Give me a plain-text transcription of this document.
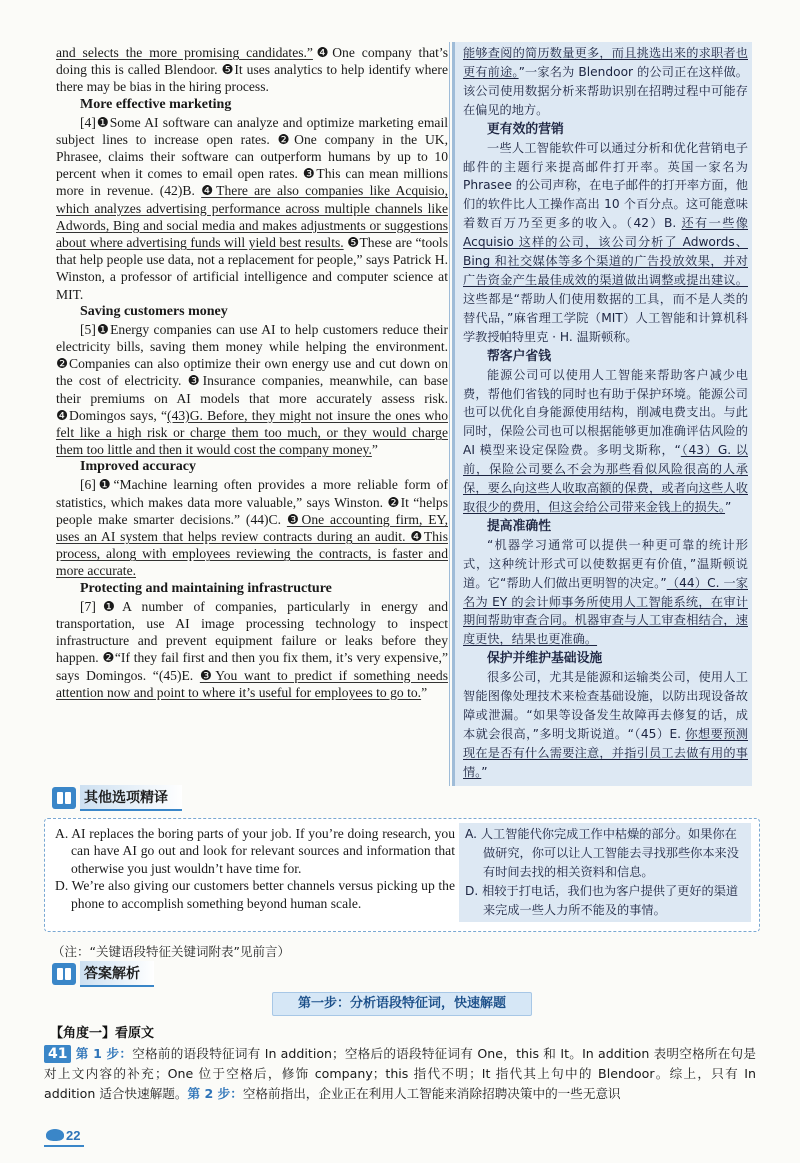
and selects the more promising candidates.”❹One company that’s doing this is called Blendoor. ❺It uses analytics to help identify where there may be bias in the hiring process.

More effective marketing

[4]❶Some AI software can analyze and optimize marketing email subject lines to increase open rates. ❷One company in the UK, Phrasee, claims their software can outperform humans by up to 10 percent when it comes to email open rates. ❸This can mean millions more in revenue. (42)B. ❹There are also companies like Acquisio, which analyzes advertising performance across multiple channels like Adwords, Bing and social media and makes adjustments or suggestions about where advertising funds will yield best results. ❺These are “tools that help people use data, not a replacement for people,” says Patrick H. Winston, a professor of artificial intelligence and computer science at MIT.

Saving customers money

[5]❶Energy companies can use AI to help customers reduce their electricity bills, saving them money while helping the environment. ❷Companies can also optimize their own energy use and cut down on the cost of electricity. ❸Insurance companies, meanwhile, can base their premiums on AI models that more accurately assess risk. ❹Domingos says, “(43)G. Before, they might not insure the ones who felt like a high risk or charge them too much, or they would charge them too little and then it would cost the company money.”

Improved accuracy

[6]❶“Machine learning often provides a more reliable form of statistics, which makes data more valuable,” says Winston. ❷It “helps people make smarter decisions.” (44)C. ❸One accounting firm, EY, uses an AI system that helps review contracts during an audit. ❹This process, along with employees reviewing the contracts, is faster and more accurate.

Protecting and maintaining infrastructure

[7]❶A number of companies, particularly in energy and transportation, use AI image processing technology to inspect infrastructure and prevent equipment failure or leaks before they happen. ❷“If they fail first and then you fix them, it’s very expensive,” says Domingos. “(45)E. ❸You want to predict if something needs attention now and point to where it’s useful for employees to go to.”

能够查阅的简历数量更多，而且挑选出来的求职者也更有前途。”一家名为 Blendoor 的公司正在这样做。该公司使用数据分析来帮助识别在招聘过程中可能存在偏见的地方。

更有效的营销

一些人工智能软件可以通过分析和优化营销电子邮件的主题行来提高邮件打开率。英国一家名为 Phrasee 的公司声称，在电子邮件的打开率方面，他们的软件比人工操作高出 10 个百分点。这可能意味着数百万乃至更多的收入。（42）B. 还有一些像 Acquisio 这样的公司，该公司分析了 Adwords、Bing 和社交媒体等多个渠道的广告投放效果，并对广告资金产生最佳成效的渠道做出调整或提出建议。这些都是“帮助人们使用数据的工具，而不是人类的替代品，”麻省理工学院（MIT）人工智能和计算机科学教授帕特里克 · H. 温斯顿称。

帮客户省钱

能源公司可以使用人工智能来帮助客户减少电费，帮他们省钱的同时也有助于保护环境。能源公司也可以优化自身能源使用结构，削减电费支出。与此同时，保险公司也可以根据能够更加准确评估风险的 AI 模型来设定保险费。多明戈斯称，“（43）G. 以前，保险公司要么不会为那些看似风险很高的人承保，要么向这些人收取高额的保费，或者向这些人收取很少的费用，但这会给公司带来金钱上的损失。”

提高准确性

“机器学习通常可以提供一种更可靠的统计形式，这种统计形式可以使数据更有价值，”温斯顿说道。它“帮助人们做出更明智的决定。”（44）C. 一家名为 EY 的会计师事务所使用人工智能系统，在审计期间帮助审查合同。机器审查与人工审查相结合，速度更快，结果也更准确。

保护并维护基础设施

很多公司，尤其是能源和运输类公司，使用人工智能图像处理技术来检查基础设施，以防出现设备故障或泄漏。“如果等设备发生故障再去修复的话，成本就会很高，”多明戈斯说道。“（45）E. 你想要预测现在是否有什么需要注意，并指引员工去做有用的事情。”

其他选项精译

A. AI replaces the boring parts of your job. If you’re doing research, you can have AI go out and look for relevant sources and information that otherwise you just wouldn’t have time for.

D. We’re also giving our customers better channels versus picking up the phone to accomplish something beyond human scale.

A. 人工智能代你完成工作中枯燥的部分。如果你在做研究，你可以让人工智能去寻找那些你本来没有时间去找的相关资料和信息。

D. 相较于打电话，我们也为客户提供了更好的渠道来完成一些人力所不能及的事情。

（注：“关键语段特征关键词附表”见前言）
答案解析
第一步：分析语段特征词，快速解题
【角度一】看原文
41 第 1 步：空格前的语段特征词有 In addition；空格后的语段特征词有 One，this 和 It。In addition 表明空格所在句是对上文内容的补充；One 位于空格后，修饰 company；this 指代不明；It 指代其上句中的 Blendoor。综上，只有 In addition 适合快速解题。第 2 步：空格前指出，企业正在利用人工智能来消除招聘决策中的一些无意识
22
